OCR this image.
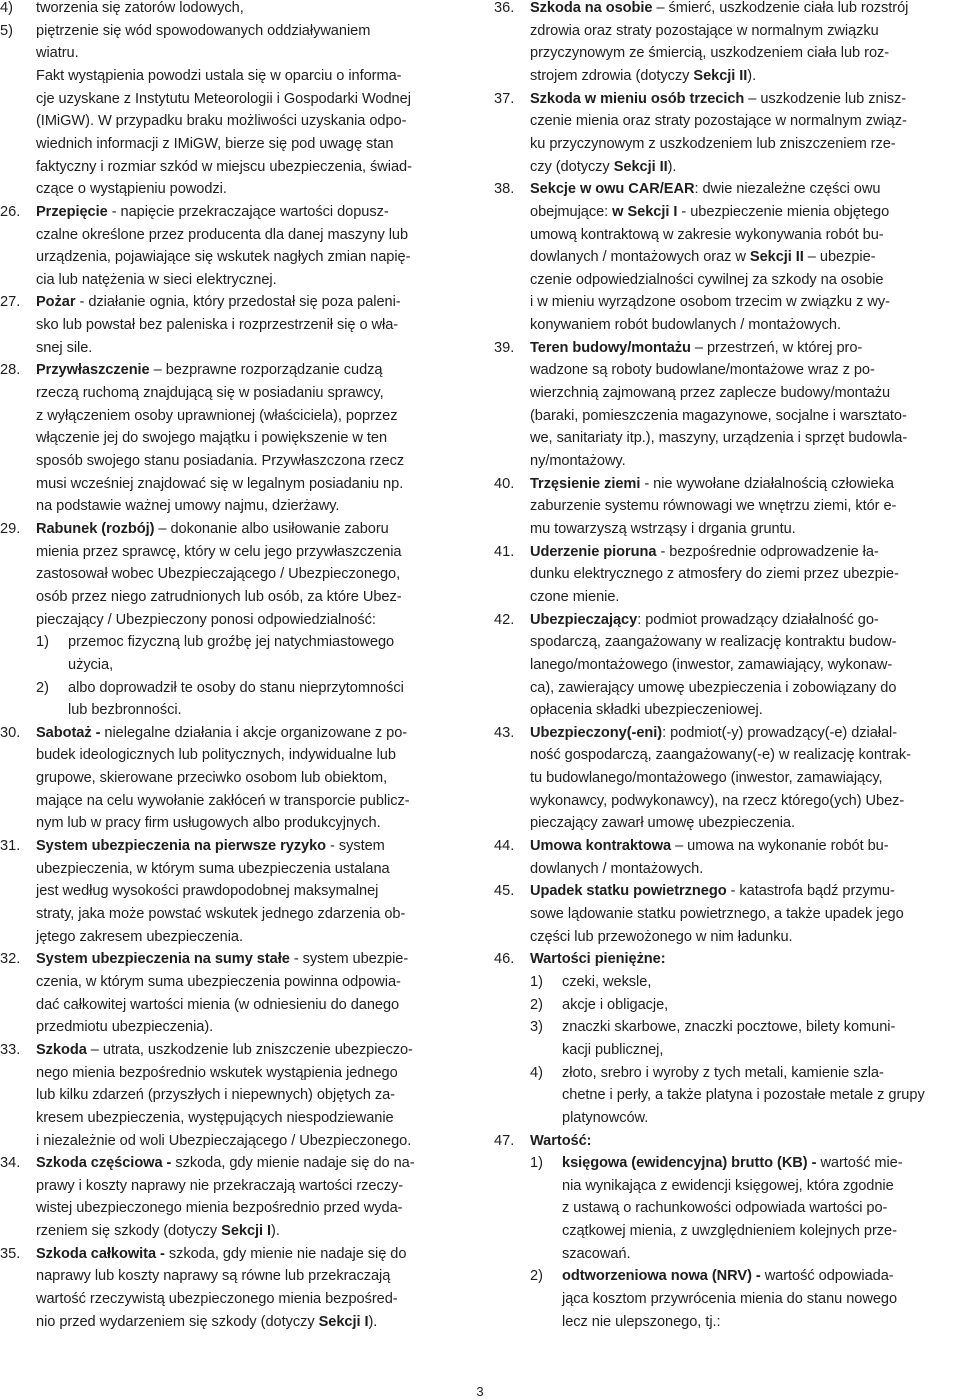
4) tworzenia się zatorów lodowych,
5) piętrzenie się wód spowodowanych oddziaływaniem
wiatru.
Fakt wystąpienia powodzi ustala się w oparciu o informa-
cje uzyskane z Instytutu Meteorologii i Gospodarki Wodnej
(IMiGW). W przypadku braku możliwości uzyskania odpo-
wiednich informacji z IMiGW, bierze się pod uwagę stan
faktyczny i rozmiar szkód w miejscu ubezpieczenia, świad-
czące o wystąpieniu powodzi.
26. Przepięcie - napięcie przekraczające wartości dopusz-
czalne określone przez producenta dla danej maszyny lub
urządzenia, pojawiające się wskutek nagłych zmian napię-
cia lub natężenia w sieci elektrycznej.
27. Pożar - działanie ognia, który przedostał się poza paleni-
sko lub powstał bez paleniska i rozprzestrzenił się o wła-
snej sile.
28. Przywłaszczenie – bezprawne rozporządzanie cudzą
rzeczą ruchomą znajdującą się w posiadaniu sprawcy,
z wyłączeniem osoby uprawnionej (właściciela), poprzez
włączenie jej do swojego majątku i powiększenie w ten
sposób swojego stanu posiadania. Przywłaszczona rzecz
musi wcześniej znajdować się w legalnym posiadaniu np.
na podstawie ważnej umowy najmu, dzierżawy.
29. Rabunek (rozbój) – dokonanie albo usiłowanie zaboru
mienia przez sprawcę, który w celu jego przywłaszczenia
zastosował wobec Ubezpieczającego / Ubezpieczonego,
osób przez niego zatrudnionych lub osób, za które Ubez-
pieczający / Ubezpieczony ponosi odpowiedzialność:
1) przemoc fizyczną lub groźbę jej natychmiastowego
użycia,
2) albo doprowadził te osoby do stanu nieprzytomności
lub bezbronności.
30. Sabotaż - nielegalne działania i akcje organizowane z po-
budek ideologicznych lub politycznych, indywidualne lub
grupowe, skierowane przeciwko osobom lub obiektom,
mające na celu wywołanie zakłóceń w transporcie publicz-
nym lub w pracy firm usługowych albo produkcyjnych.
31. System ubezpieczenia na pierwsze ryzyko - system
ubezpieczenia, w którym suma ubezpieczenia ustalana
jest według wysokości prawdopodobnej maksymalnej
straty, jaka może powstać wskutek jednego zdarzenia ob-
jętego zakresem ubezpieczenia.
32. System ubezpieczenia na sumy stałe - system ubezpie-
czenia, w którym suma ubezpieczenia powinna odpowia-
dać całkowitej wartości mienia (w odniesieniu do danego
przedmiotu ubezpieczenia).
33. Szkoda – utrata, uszkodzenie lub zniszczenie ubezpieczo-
nego mienia bezpośrednio wskutek wystąpienia jednego
lub kilku zdarzeń (przyszłych i niepewnych) objętych za-
kresem ubezpieczenia, występujących niespodziewanie
i niezależnie od woli Ubezpieczającego / Ubezpieczonego.
34. Szkoda częściowa - szkoda, gdy mienie nadaje się do na-
prawy i koszty naprawy nie przekraczają wartości rzeczy-
wistej ubezpieczonego mienia bezpośrednio przed wyda-
rzeniem się szkody (dotyczy Sekcji I).
35. Szkoda całkowita - szkoda, gdy mienie nie nadaje się do
naprawy lub koszty naprawy są równe lub przekraczają
wartość rzeczywistą ubezpieczonego mienia bezpośred-
nio przed wydarzeniem się szkody (dotyczy Sekcji I).
36. Szkoda na osobie – śmierć, uszkodzenie ciała lub rozstrój
zdrowia oraz straty pozostające w normalnym związku
przyczynowym ze śmiercią, uszkodzeniem ciała lub roz-
strojem zdrowia (dotyczy Sekcji II).
37. Szkoda w mieniu osób trzecich – uszkodzenie lub znisz-
czenie mienia oraz straty pozostające w normalnym związ-
ku przyczynowym z uszkodzeniem lub zniszczeniem rze-
czy (dotyczy Sekcji II).
38. Sekcje w owu CAR/EAR: dwie niezależne części owu
obejmujące: w Sekcji I - ubezpieczenie mienia objętego
umową kontraktową w zakresie wykonywania robót bu-
dowlanych / montażowych oraz w Sekcji II – ubezpie-
czenie odpowiedzialności cywilnej za szkody na osobie
i w mieniu wyrządzone osobom trzecim w związku z wy-
konywaniem robót budowlanych / montażowych.
39. Teren budowy/montażu – przestrzeń, w której pro-
wadzone są roboty budowlane/montażowe wraz z po-
wierzchnią zajmowaną przez zaplecze budowy/montażu
(baraki, pomieszczenia magazynowe, socjalne i warsztato-
we, sanitariaty itp.), maszyny, urządzenia i sprzęt budowla-
ny/montażowy.
40. Trzęsienie ziemi - nie wywołane działalnością człowieka
zaburzenie systemu równowagi we wnętrzu ziemi, któr e-
mu towarzyszą wstrząsy i drgania gruntu.
41. Uderzenie pioruna - bezpośrednie odprowadzenie ła-
dunku elektrycznego z atmosfery do ziemi przez ubezpie-
czone mienie.
42. Ubezpieczający: podmiot prowadzący działalność go-
spodarczą, zaangażowany w realizację kontraktu budow-
lanego/montażowego (inwestor, zamawiający, wykonaw-
ca), zawierający umowę ubezpieczenia i zobowiązany do
opłacenia składki ubezpieczeniowej.
43. Ubezpieczony(-eni): podmiot(-y) prowadzący(-e) działal-
ność gospodarczą, zaangażowany(-e) w realizację kontrak-
tu budowlanego/montażowego (inwestor, zamawiający,
wykonawcy, podwykonawcy), na rzecz którego(ych) Ubez-
pieczający zawarł umowę ubezpieczenia.
44. Umowa kontraktowa – umowa na wykonanie robót bu-
dowlanych / montażowych.
45. Upadek statku powietrznego - katastrofa bądź przymu-
sowe lądowanie statku powietrznego, a także upadek jego
części lub przewożonego w nim ładunku.
46. Wartości pieniężne:
1) czeki, weksle,
2) akcje i obligacje,
3) znaczki skarbowe, znaczki pocztowe, bilety komuni-
kacji publicznej,
4) złoto, srebro i wyroby z tych metali, kamienie szla-
chetne i perły, a także platyna i pozostałe metale z grupy
platynowców.
47. Wartość:
1) księgowa (ewidencyjna) brutto (KB) - wartość mie-
nia wynikająca z ewidencji księgowej, która zgodnie
z ustawą o rachunkowości odpowiada wartości po-
czątkowej mienia, z uwzględnieniem kolejnych prze-
szacowań.
2) odtworzeniowa nowa (NRV) - wartość odpowiada-
jąca kosztom przywrócenia mienia do stanu nowego
lecz nie ulepszonego, tj.:
3
